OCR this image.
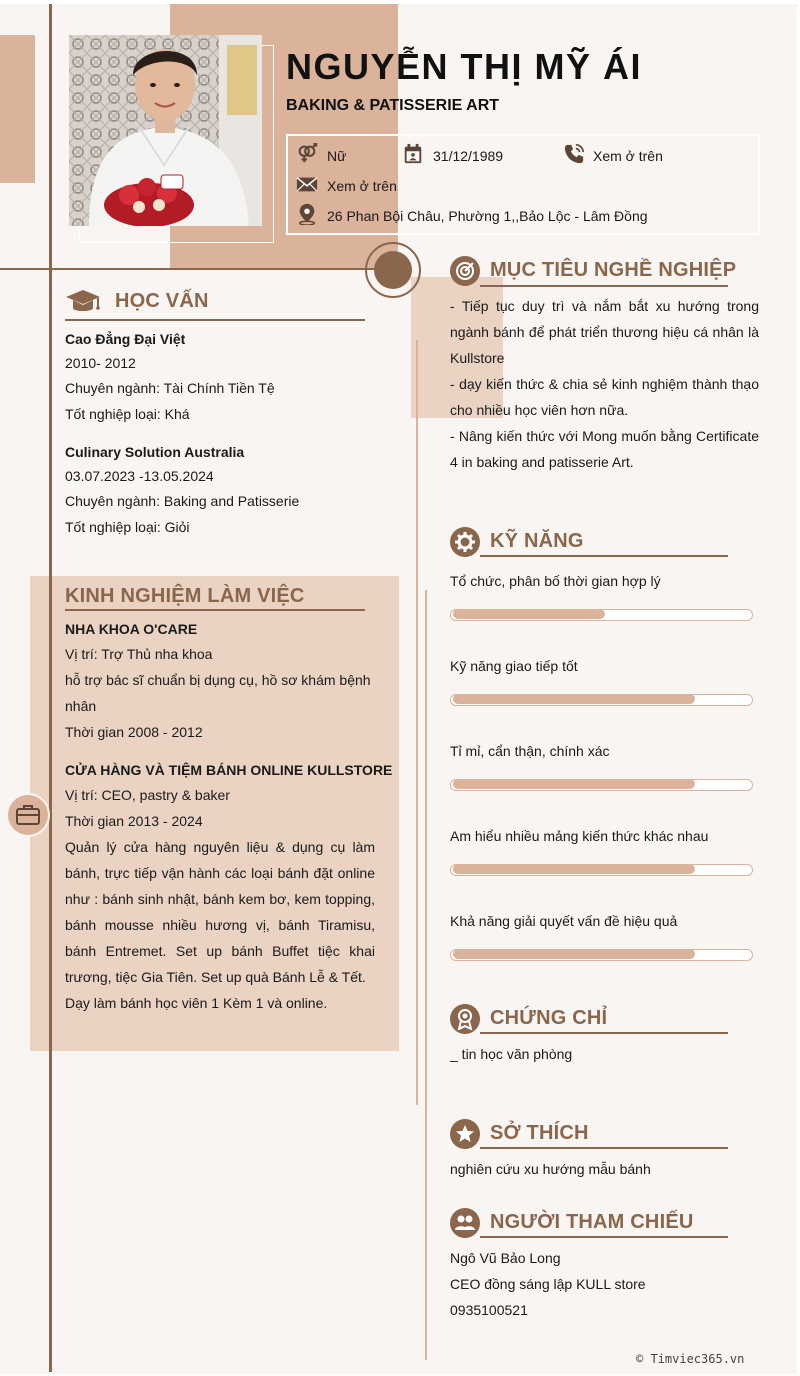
NGUYỄN THỊ MỸ ÁI
BAKING & PATISSERIE ART
Nữ	31/12/1989	Xem ở trên
Xem ở trên
26 Phan Bội Châu, Phường 1,,Bảo Lộc - Lâm Đồng
HỌC VẤN
Cao Đẳng Đại Việt
2010- 2012
Chuyên ngành: Tài Chính Tiền Tệ
Tốt nghiệp loại: Khá
Culinary Solution Australia
03.07.2023 -13.05.2024
Chuyên ngành: Baking and Patisserie
Tốt nghiệp loại: Giỏi
KINH NGHIỆM LÀM VIỆC
NHA KHOA O'CARE
Vị trí: Trợ Thủ nha khoa
hỗ trợ bác sĩ chuẩn bị dụng cụ, hồ sơ khám bệnh nhân
Thời gian 2008 - 2012
CỬA HÀNG VÀ TIỆM BÁNH ONLINE KULLSTORE
Vị trí: CEO, pastry & baker
Thời gian 2013 - 2024
Quản lý cửa hàng nguyên liệu & dụng cụ làm bánh, trực tiếp vận hành các loại bánh đặt online như : bánh sinh nhật, bánh kem bơ, kem topping, bánh mousse nhiều hương vị, bánh Tiramisu, bánh Entremet. Set up bánh Buffet tiệc khai trương, tiệc Gia Tiên. Set up quà Bánh Lễ & Tết.
Dạy làm bánh học viên 1 Kèm 1 và online.
MỤC TIÊU NGHỀ NGHIỆP
- Tiếp tục duy trì và nắm bắt xu hướng trong ngành bánh để phát triển thương hiệu cá nhân là Kullstore
- dạy kiến thức & chia sẻ kinh nghiệm thành thạo cho nhiều học viên hơn nữa.
- Nâng kiến thức với Mong muốn bằng Certificate 4 in baking and patisserie Art.
KỸ NĂNG
Tổ chức, phân bố thời gian hợp lý
Kỹ năng giao tiếp tốt
Tỉ mỉ, cẩn thận, chính xác
Am hiểu nhiều mảng kiến thức khác nhau
Khả năng giải quyết vấn đề hiệu quả
CHỨNG CHỈ
_ tin học văn phòng
SỞ THÍCH
nghiên cứu xu hướng mẫu bánh
NGƯỜI THAM CHIẾU
Ngô Vũ Bảo Long
CEO đồng sáng lập KULL store
0935100521
© Timviec365.vn
